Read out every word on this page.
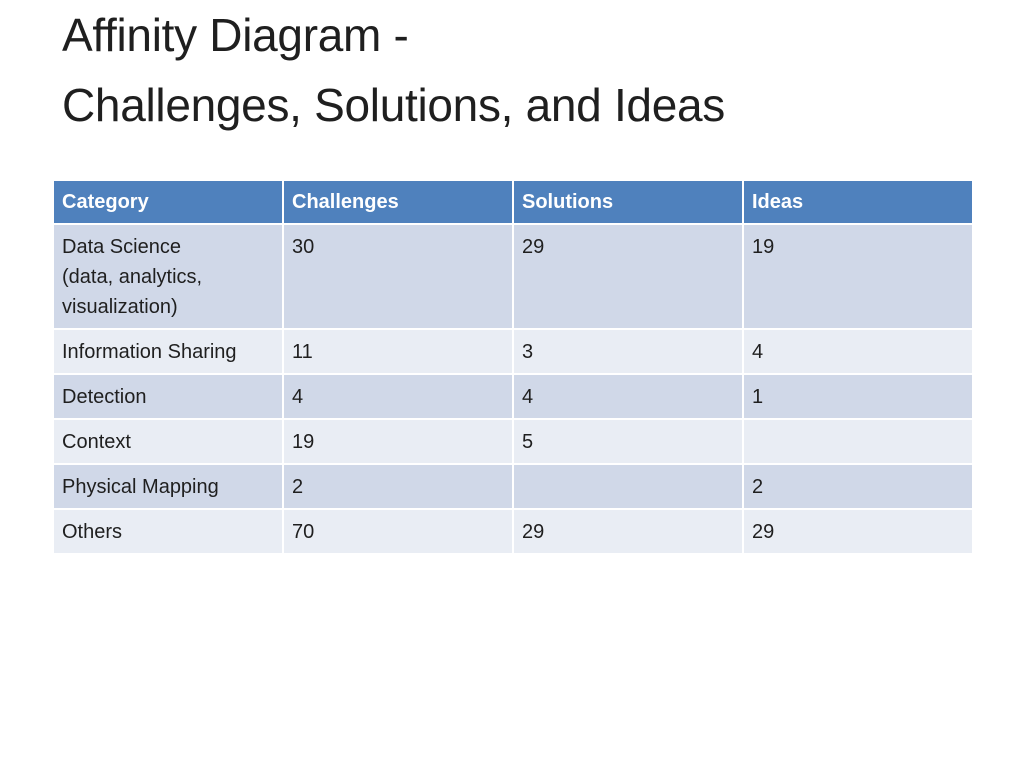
Affinity Diagram -
Challenges, Solutions, and Ideas
Category	Challenges	Solutions	Ideas

Data Science
(data, analytics,
visualization)	30	29	19
Information Sharing	11	3	4
Detection	4	4	1
Context	19	5	
Physical Mapping	2		2
Others	70	29	29
